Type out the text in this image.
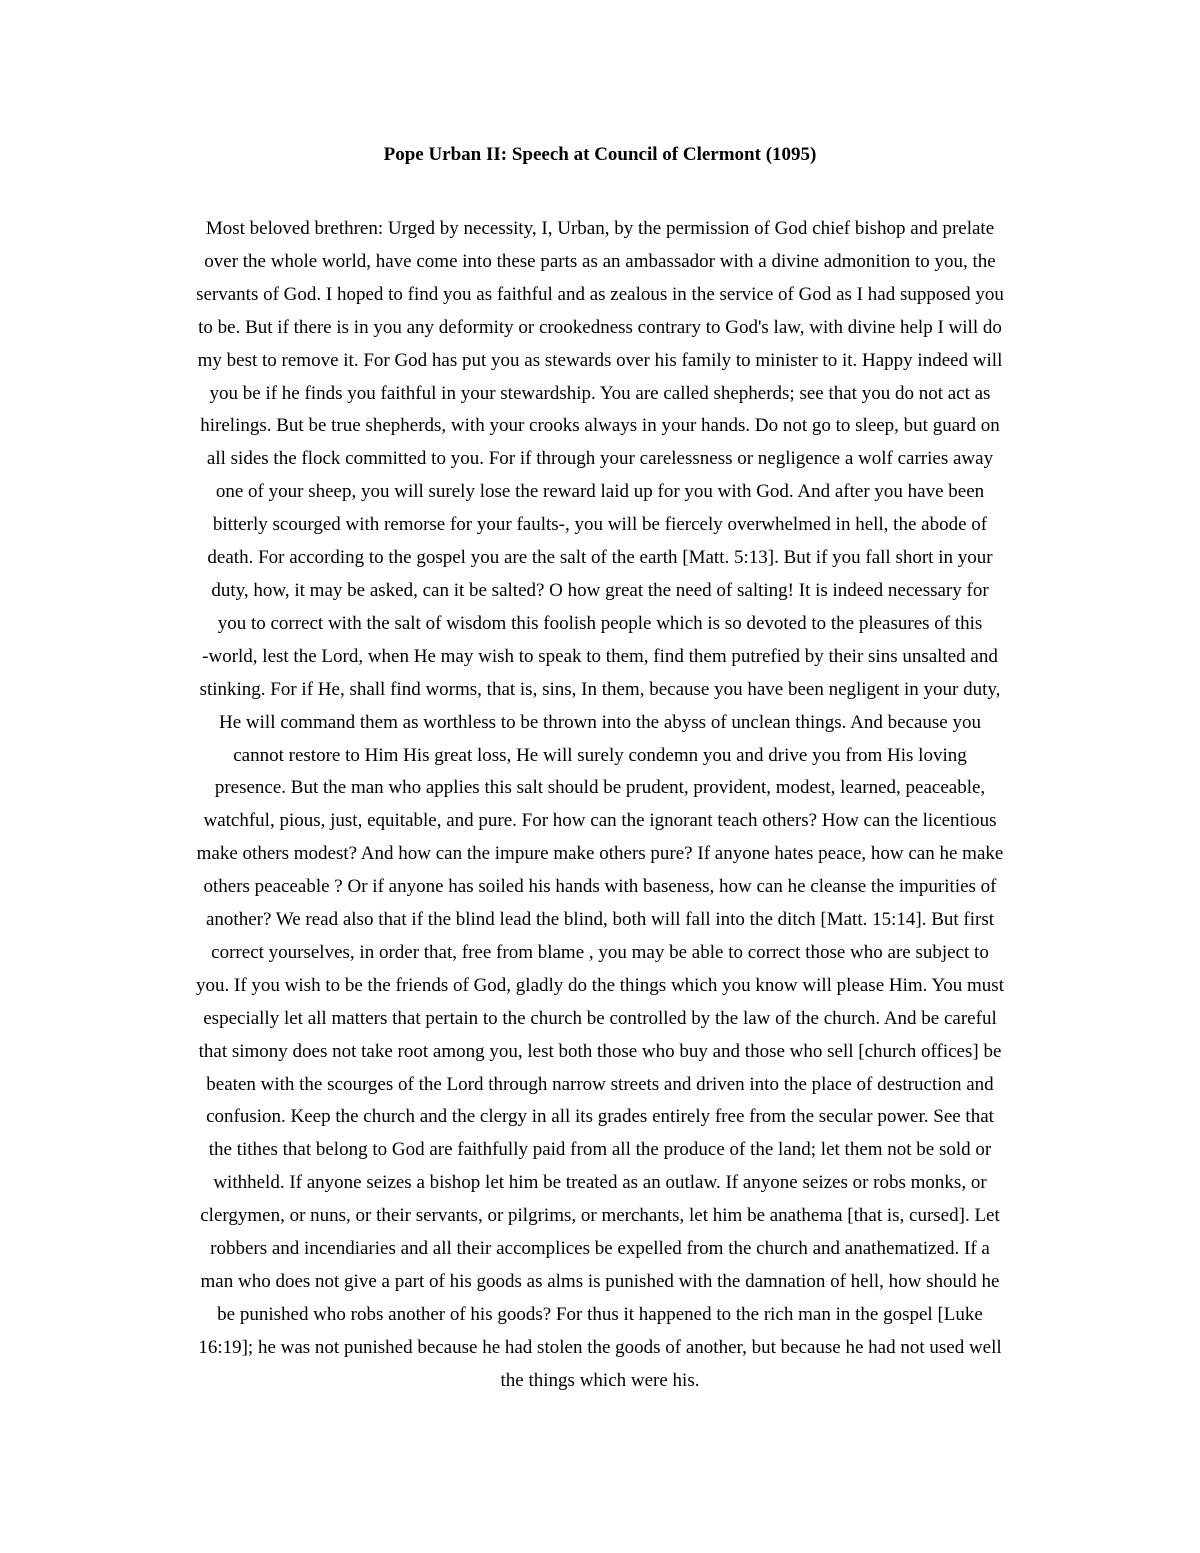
Pope Urban II: Speech at Council of Clermont (1095)

Most beloved brethren: Urged by necessity, I, Urban, by the permission of God chief bishop and prelate
over the whole world, have come into these parts as an ambassador with a divine admonition to you, the
servants of God. I hoped to find you as faithful and as zealous in the service of God as I had supposed you
to be. But if there is in you any deformity or crookedness contrary to God's law, with divine help I will do
my best to remove it. For God has put you as stewards over his family to minister to it. Happy indeed will
you be if he finds you faithful in your stewardship. You are called shepherds; see that you do not act as
hirelings. But be true shepherds, with your crooks always in your hands. Do not go to sleep, but guard on
all sides the flock committed to you. For if through your carelessness or negligence a wolf carries away
one of your sheep, you will surely lose the reward laid up for you with God. And after you have been
bitterly scourged with remorse for your faults-, you will be fiercely overwhelmed in hell, the abode of
death. For according to the gospel you are the salt of the earth [Matt. 5:13]. But if you fall short in your
duty, how, it may be asked, can it be salted? O how great the need of salting! It is indeed necessary for
you to correct with the salt of wisdom this foolish people which is so devoted to the pleasures of this
-world, lest the Lord, when He may wish to speak to them, find them putrefied by their sins unsalted and
stinking. For if He, shall find worms, that is, sins, In them, because you have been negligent in your duty,
He will command them as worthless to be thrown into the abyss of unclean things. And because you
cannot restore to Him His great loss, He will surely condemn you and drive you from His loving
presence. But the man who applies this salt should be prudent, provident, modest, learned, peaceable,
watchful, pious, just, equitable, and pure. For how can the ignorant teach others? How can the licentious
make others modest? And how can the impure make others pure? If anyone hates peace, how can he make
others peaceable ? Or if anyone has soiled his hands with baseness, how can he cleanse the impurities of
another? We read also that if the blind lead the blind, both will fall into the ditch [Matt. 15:14]. But first
correct yourselves, in order that, free from blame , you may be able to correct those who are subject to
you. If you wish to be the friends of God, gladly do the things which you know will please Him. You must
especially let all matters that pertain to the church be controlled by the law of the church. And be careful
that simony does not take root among you, lest both those who buy and those who sell [church offices] be
beaten with the scourges of the Lord through narrow streets and driven into the place of destruction and
confusion. Keep the church and the clergy in all its grades entirely free from the secular power. See that
the tithes that belong to God are faithfully paid from all the produce of the land; let them not be sold or
withheld. If anyone seizes a bishop let him be treated as an outlaw. If anyone seizes or robs monks, or
clergymen, or nuns, or their servants, or pilgrims, or merchants, let him be anathema [that is, cursed]. Let
robbers and incendiaries and all their accomplices be expelled from the church and anathematized. If a
man who does not give a part of his goods as alms is punished with the damnation of hell, how should he
be punished who robs another of his goods? For thus it happened to the rich man in the gospel [Luke
16:19]; he was not punished because he had stolen the goods of another, but because he had not used well
the things which were his.
